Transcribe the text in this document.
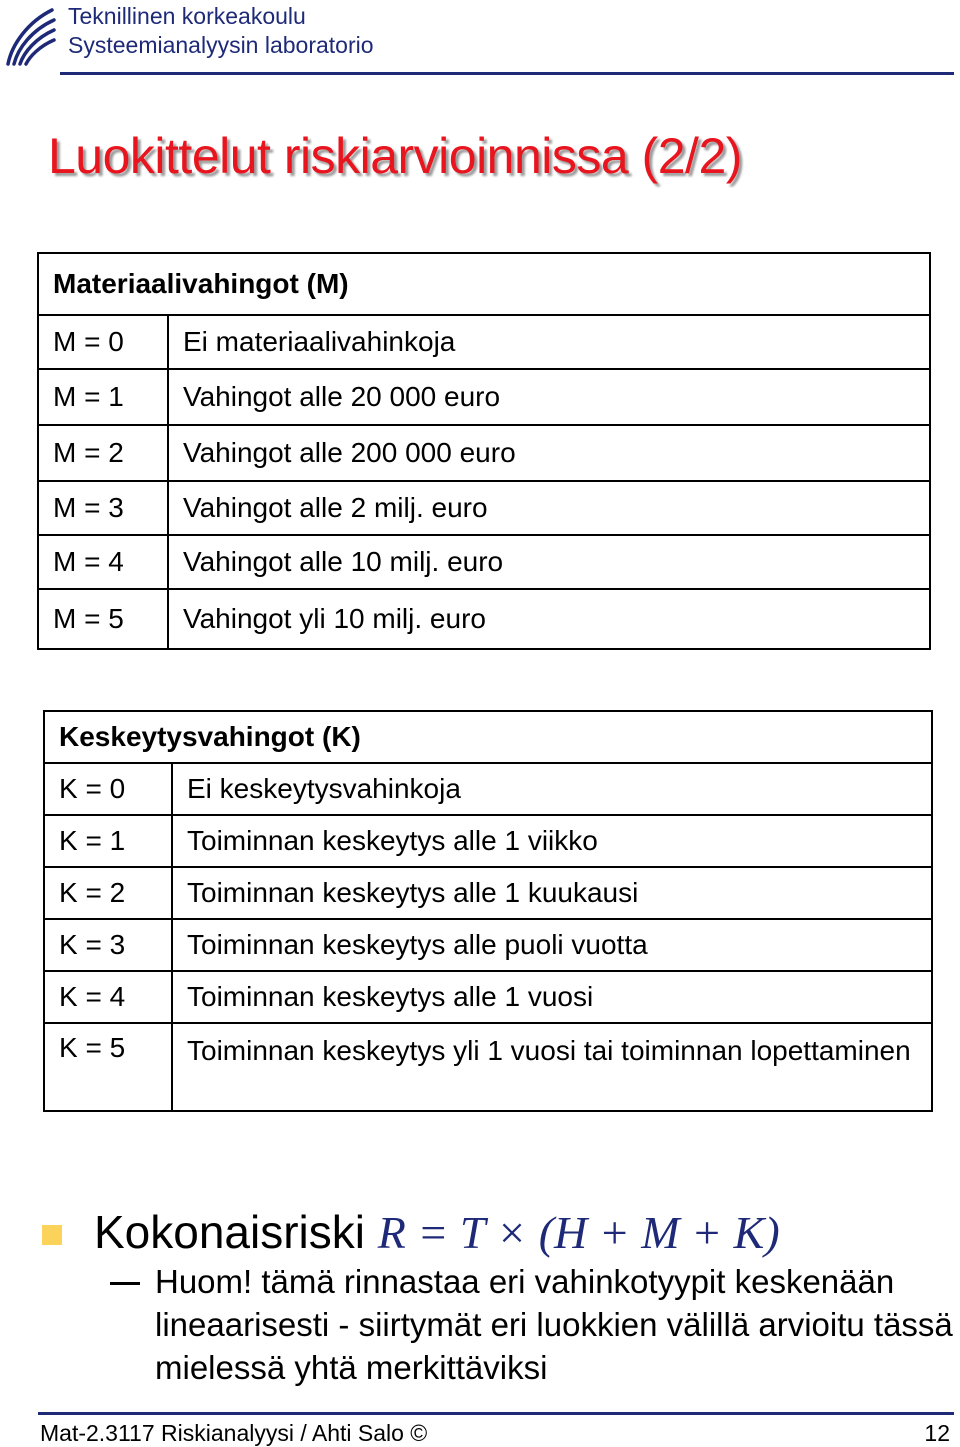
Teknillinen korkeakoulu
Systeemianalyysin laboratorio
Luokittelut riskiarvioinnissa (2/2)
Materiaalivahingot (M)	
M = 0	Ei materiaalivahinkoja
M = 1	Vahingot alle 20 000 euro
M = 2	Vahingot alle 200 000 euro
M = 3	Vahingot alle 2 milj. euro
M = 4	Vahingot alle 10 milj. euro
M = 5	Vahingot yli 10 milj. euro
Keskeytysvahingot (K)	
K = 0	Ei keskeytysvahinkoja
K = 1	Toiminnan keskeytys alle 1 viikko
K = 2	Toiminnan keskeytys alle 1 kuukausi
K = 3	Toiminnan keskeytys alle puoli vuotta
K = 4	Toiminnan keskeytys alle 1 vuosi
K = 5	Toiminnan keskeytys yli 1 vuosi tai toiminnan lopettaminen
Kokonaisriski R = T × (H + M + K)
Huom! tämä rinnastaa eri vahinkotyypit keskenään lineaarisesti - siirtymät eri luokkien välillä arvioitu tässä mielessä yhtä merkittäviksi
Mat-2.3117 Riskianalyysi / Ahti Salo ©	12
